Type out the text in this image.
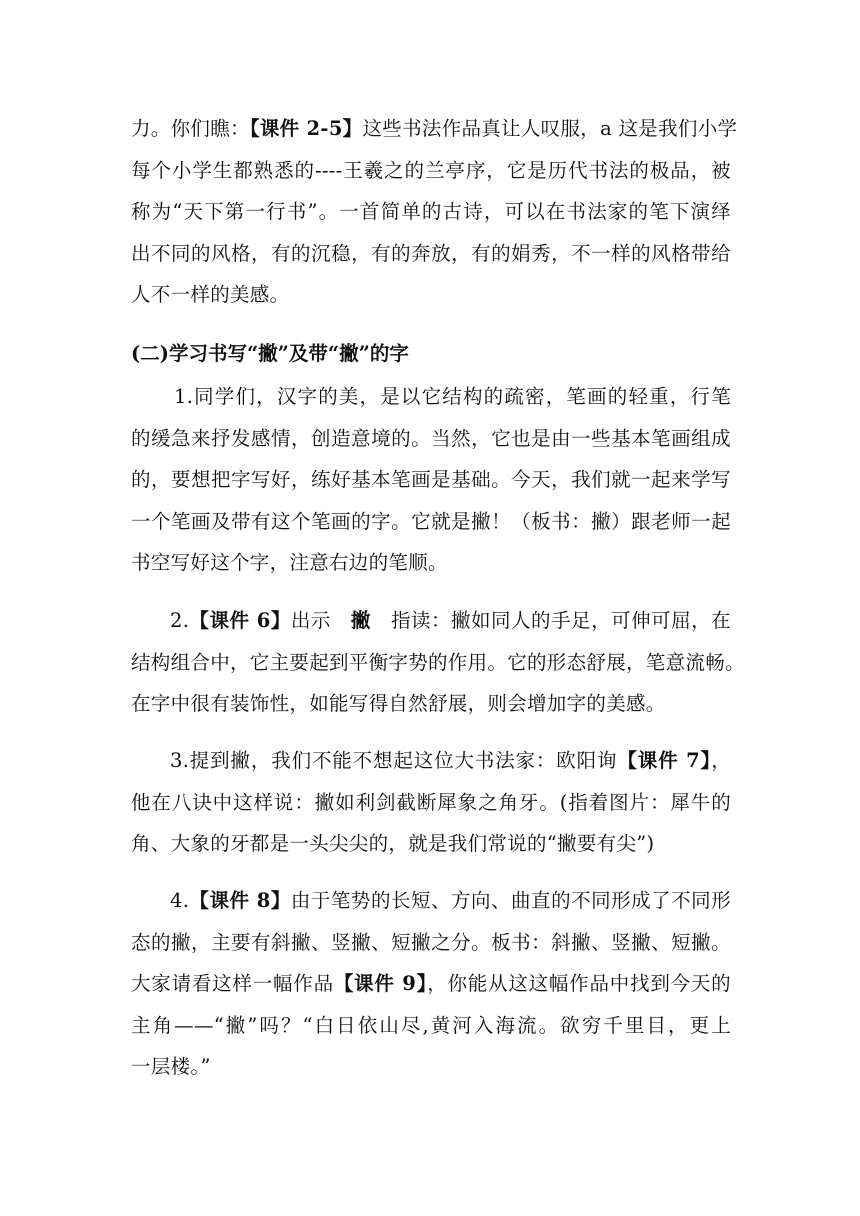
力。你们瞧：【课件 2-5】这些书法作品真让人叹服，a 这是我们小学
每个小学生都熟悉的----王羲之的兰亭序，它是历代书法的极品，被
称为“天下第一行书”。一首简单的古诗，可以在书法家的笔下演绎
出不同的风格，有的沉稳，有的奔放，有的娟秀，不一样的风格带给
人不一样的美感。
(二)学习书写“撇”及带“撇”的字
1.同学们，汉字的美，是以它结构的疏密，笔画的轻重，行笔
的缓急来抒发感情，创造意境的。当然，它也是由一些基本笔画组成
的，要想把字写好，练好基本笔画是基础。今天，我们就一起来学写
一个笔画及带有这个笔画的字。它就是撇！（板书：撇）跟老师一起
书空写好这个字，注意右边的笔顺。
2.【课件 6】出示　撇　指读：撇如同人的手足，可伸可屈，在
结构组合中，它主要起到平衡字势的作用。它的形态舒展，笔意流畅。
在字中很有装饰性，如能写得自然舒展，则会增加字的美感。
3.提到撇，我们不能不想起这位大书法家：欧阳询【课件 7】，
他在八诀中这样说：撇如利剑截断犀象之角牙。(指着图片：犀牛的
角、大象的牙都是一头尖尖的，就是我们常说的“撇要有尖”)
4.【课件 8】由于笔势的长短、方向、曲直的不同形成了不同形
态的撇，主要有斜撇、竖撇、短撇之分。板书：斜撇、竖撇、短撇。
大家请看这样一幅作品【课件 9】，你能从这这幅作品中找到今天的
主角——“撇”吗？“白日依山尽,黄河入海流。欲穷千里目，更上
一层楼。”
